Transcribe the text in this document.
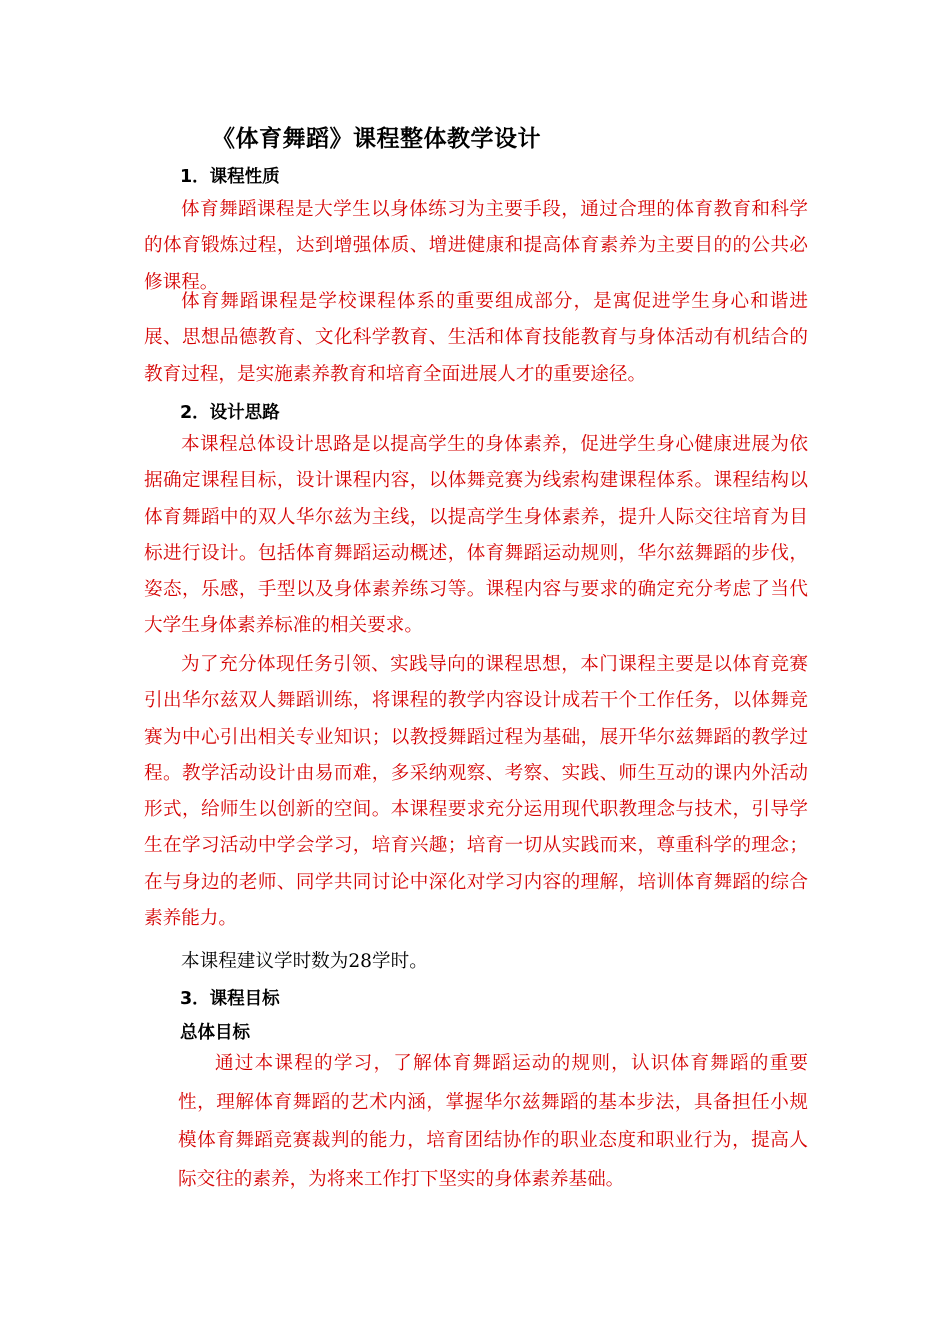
《体育舞蹈》课程整体教学设计
1．课程性质

体育舞蹈课程是大学生以身体练习为主要手段，通过合理的体育教育和科学的体育锻炼过程，达到增强体质、增进健康和提高体育素养为主要目的的公共必修课程。

体育舞蹈课程是学校课程体系的重要组成部分，是寓促进学生身心和谐进展、思想品德教育、文化科学教育、生活和体育技能教育与身体活动有机结合的教育过程，是实施素养教育和培育全面进展人才的重要途径。

2．设计思路

本课程总体设计思路是以提高学生的身体素养，促进学生身心健康进展为依据确定课程目标，设计课程内容，以体舞竞赛为线索构建课程体系。课程结构以体育舞蹈中的双人华尔兹为主线，以提高学生身体素养，提升人际交往培育为目标进行设计。包括体育舞蹈运动概述，体育舞蹈运动规则，华尔兹舞蹈的步伐，姿态，乐感，手型以及身体素养练习等。课程内容与要求的确定充分考虑了当代大学生身体素养标准的相关要求。

为了充分体现任务引领、实践导向的课程思想，本门课程主要是以体育竞赛引出华尔兹双人舞蹈训练，将课程的教学内容设计成若干个工作任务，以体舞竞赛为中心引出相关专业知识；以教授舞蹈过程为基础，展开华尔兹舞蹈的教学过程。教学活动设计由易而难，多采纳观察、考察、实践、师生互动的课内外活动形式，给师生以创新的空间。本课程要求充分运用现代职教理念与技术，引导学生在学习活动中学会学习，培育兴趣；培育一切从实践而来，尊重科学的理念；在与身边的老师、同学共同讨论中深化对学习内容的理解，培训体育舞蹈的综合素养能力。

本课程建议学时数为28学时。

3．课程目标
总体目标

通过本课程的学习，了解体育舞蹈运动的规则，认识体育舞蹈的重要性，理解体育舞蹈的艺术内涵，掌握华尔兹舞蹈的基本步法，具备担任小规模体育舞蹈竞赛裁判的能力，培育团结协作的职业态度和职业行为，提高人际交往的素养，为将来工作打下坚实的身体素养基础。
